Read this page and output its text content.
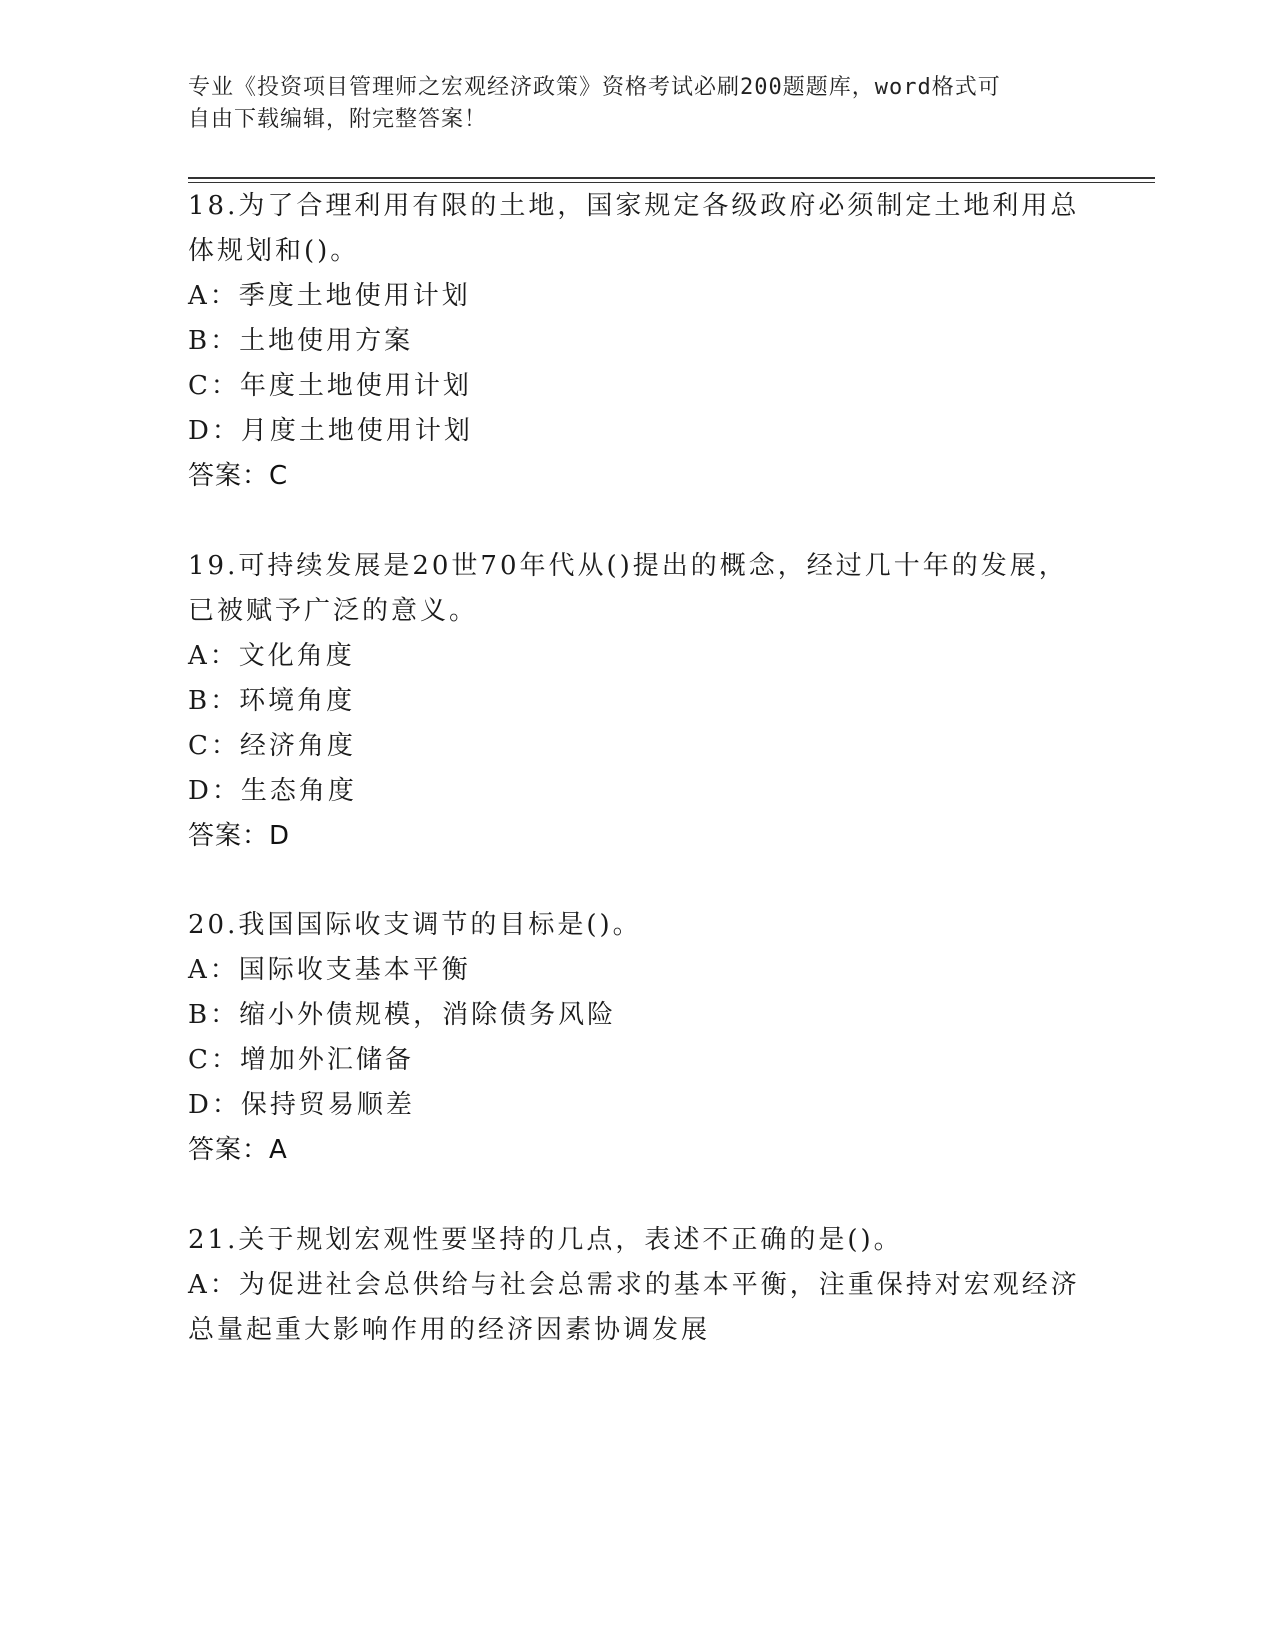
专业《投资项目管理师之宏观经济政策》资格考试必刷200题题库，word格式可
自由下载编辑，附完整答案！

18.为了合理利用有限的土地，国家规定各级政府必须制定土地利用总

体规划和()。

A：季度土地使用计划

B：土地使用方案

C：年度土地使用计划

D：月度土地使用计划

答案：C

19.可持续发展是20世70年代从()提出的概念，经过几十年的发展，

已被赋予广泛的意义。

A：文化角度

B：环境角度

C：经济角度

D：生态角度

答案：D

20.我国国际收支调节的目标是()。

A：国际收支基本平衡

B：缩小外债规模，消除债务风险

C：增加外汇储备

D：保持贸易顺差

答案：A

21.关于规划宏观性要坚持的几点，表述不正确的是()。

A：为促进社会总供给与社会总需求的基本平衡，注重保持对宏观经济

总量起重大影响作用的经济因素协调发展
